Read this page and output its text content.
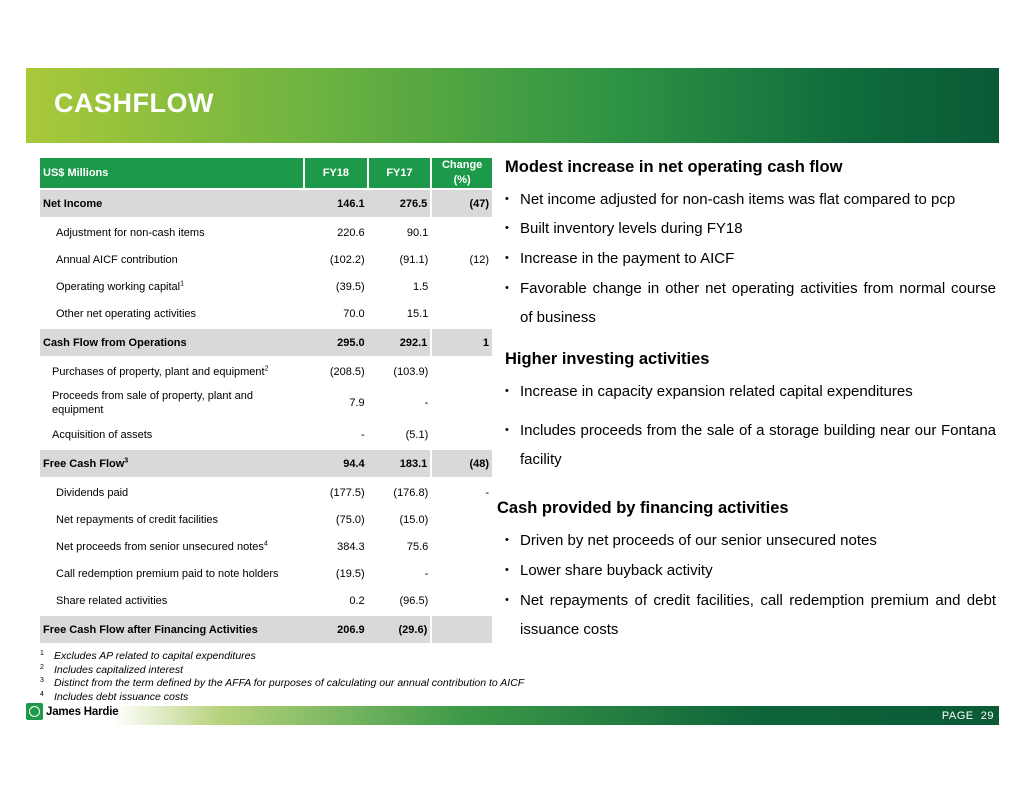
CASHFLOW
US$ Millions	FY18	FY17	Change (%)
Net Income	146.1	276.5	(47)
Adjustment for non-cash items	220.6	90.1	
Annual AICF contribution	(102.2)	(91.1)	(12)
Operating working capital$^1$	(39.5)	1.5	
Other net operating activities	70.0	15.1	
Cash Flow from Operations	295.0	292.1	1
Purchases of property, plant and equipment$^2$	(208.5)	(103.9)	
Proceeds from sale of property, plant and equipment	7.9	-	
Acquisition of assets	-	(5.1)	
Free Cash Flow$^3$	94.4	183.1	(48)
Dividends paid	(177.5)	(176.8)	-
Net repayments of credit facilities	(75.0)	(15.0)	
Net proceeds from senior unsecured notes$^4$	384.3	75.6	
Call redemption premium paid to note holders	(19.5)	-	
Share related activities	0.2	(96.5)	
Free Cash Flow after Financing Activities	206.9	(29.6)	
Modest increase in net operating cash flow
• Net income adjusted for non-cash items was flat compared to pcp
• Built inventory levels during FY18
• Increase in the payment to AICF
• Favorable change in other net operating activities from normal course of business
Higher investing activities
• Increase in capacity expansion related capital expenditures
• Includes proceeds from the sale of a storage building near our Fontana facility
Cash provided by financing activities
• Driven by net proceeds of our senior unsecured notes
• Lower share buyback activity
• Net repayments of credit facilities, call redemption premium and debt issuance costs
1 Excludes AP related to capital expenditures
2 Includes capitalized interest
3 Distinct from the term defined by the AFFA for purposes of calculating our annual contribution to AICF
4 Includes debt issuance costs
James Hardie	PAGE 29
